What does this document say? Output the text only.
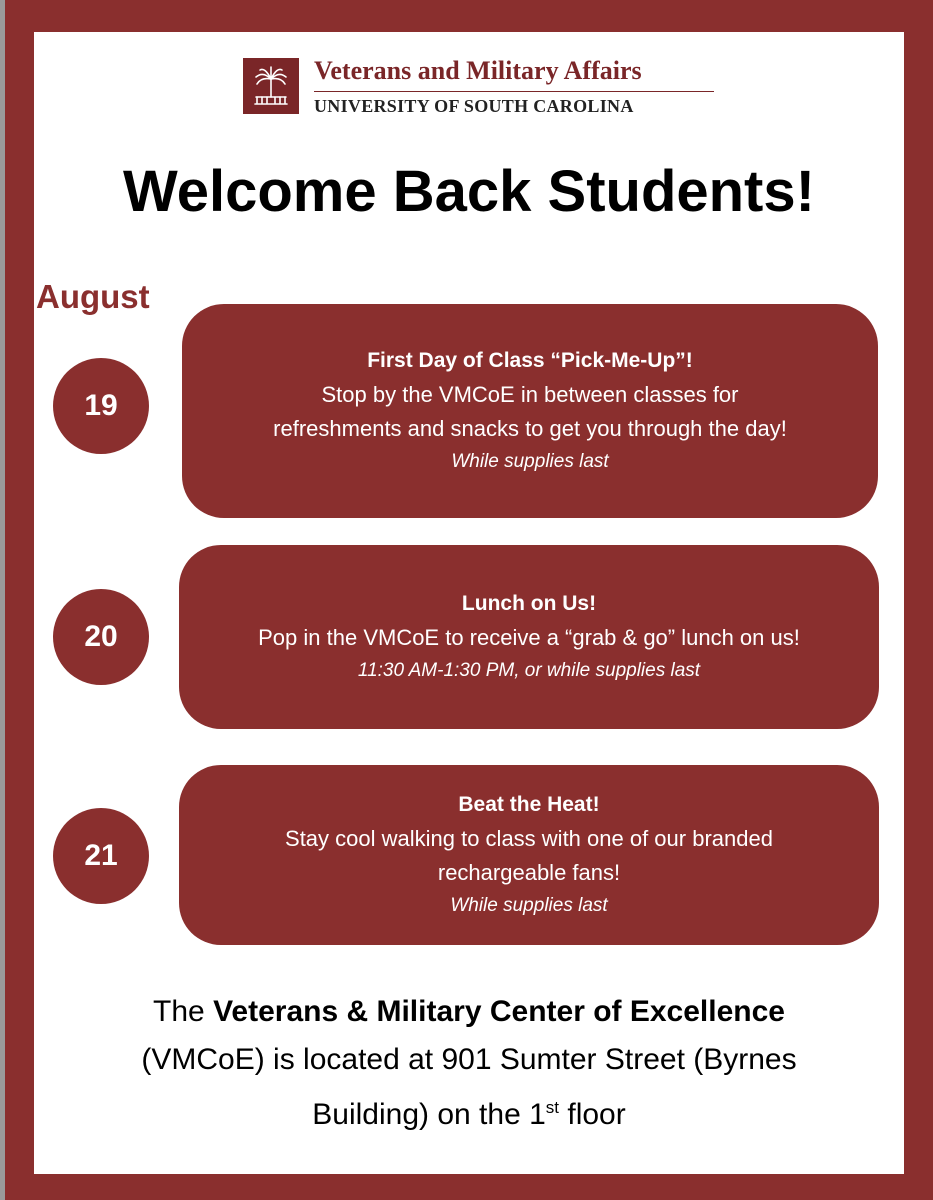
Veterans and Military Affairs
UNIVERSITY OF SOUTH CAROLINA
Welcome Back Students!
August
19
First Day of Class “Pick-Me-Up”!
Stop by the VMCoE in between classes for
refreshments and snacks to get you through the day!
While supplies last
20
Lunch on Us!
Pop in the VMCoE to receive a “grab & go” lunch on us!
11:30 AM-1:30 PM, or while supplies last
21
Beat the Heat!
Stay cool walking to class with one of our branded
rechargeable fans!
While supplies last
The Veterans & Military Center of Excellence
(VMCoE) is located at 901 Sumter Street (Byrnes
Building) on the 1st floor
